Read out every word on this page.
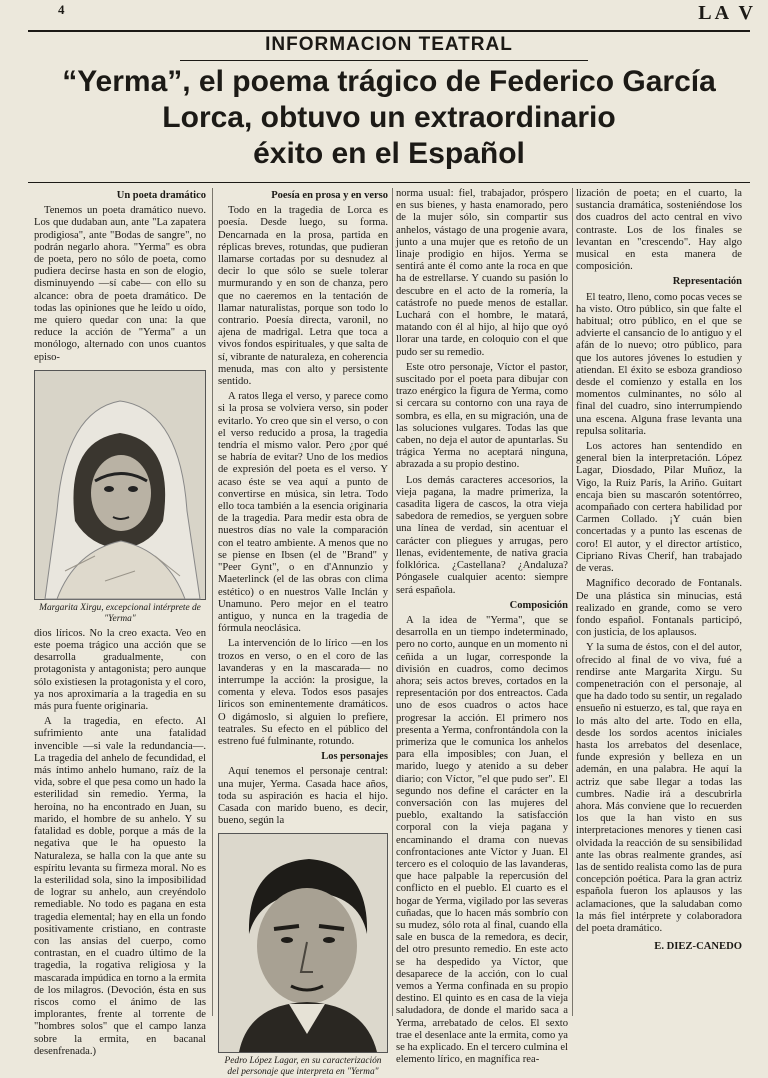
4	LA V
INFORMACION TEATRAL
“Yerma”, el poema trágico de Federico García
Lorca, obtuvo un extraordinario
éxito en el Español

Un poeta dramático

Tenemos un poeta dramático nuevo. Los que dudaban aun, ante "La zapatera prodigiosa", ante "Bodas de sangre", no podrán negarlo ahora. "Yerma" es obra de poeta, pero no sólo de poeta, como pudiera decirse hasta en son de elogio, disminuyendo —sí cabe— con ello su alcance: obra de poeta dramático. De todas las opiniones que he leído u oído, me quiero quedar con una: la que reduce la acción de "Yerma" a un monólogo, alternado con unos cuantos episo-

Margarita Xirgu, excepcional intérprete de "Yerma"

dios líricos. No la creo exacta. Veo en este poema trágico una acción que se desarrolla gradualmente, con protagonista y antagonista; pero aunque sólo existiesen la protagonista y el coro, ya nos aproximaría a la tragedia en su más pura fuente originaria.

A la tragedia, en efecto. Al sufrimiento ante una fatalidad invencible —si vale la redundancia—. La tragedia del anhelo de fecundidad, el más íntimo anhelo humano, raíz de la vida, sobre el que pesa como un hado la esterilidad sin remedio. Yerma, la heroína, no ha encontrado en Juan, su marido, el hombre de su anhelo. Y su fatalidad es doble, porque a más de la negativa que le ha opuesto la Naturaleza, se halla con la que ante su espíritu levanta su firmeza moral. No es la esterilidad sola, sino la imposibilidad de lograr su anhelo, aun creyéndolo remediable. No todo es pagana en esta tragedia elemental; hay en ella un fondo positivamente cristiano, en contraste con las ansias del cuerpo, como contrastan, en el cuadro último de la tragedia, la rogativa religiosa y la mascarada impúdica en torno a la ermita de los milagros. (Devoción, ésta en sus riscos como el ánimo de las implorantes, frente al torrente de "hombres solos" que el campo lanza sobre la ermita, en bacanal desenfrenada.)

Poesía en prosa y en verso

Todo en la tragedia de Lorca es poesía. Desde luego, su forma. Dencarnada en la prosa, partida en réplicas breves, rotundas, que pudieran llamarse cortadas por su desnudez al decir lo que sólo se suele tolerar murmurando y en son de chanza, pero que no caeremos en la tentación de llamar naturalistas, porque son todo lo contrario. Poesía directa, varonil, no ajena de madrigal. Letra que toca a vivos fondos espirituales, y que salta de sí, vibrante de naturaleza, en coherencia menuda, mas con alto y persistente sentido.

A ratos llega el verso, y parece como si la prosa se volviera verso, sin poder evitarlo. Yo creo que sin el verso, o con el verso reducido a prosa, la tragedia tendría el mismo valor. Pero ¿por qué se habría de evitar? Uno de los medios de expresión del poeta es el verso. Y acaso éste se vea aquí a punto de convertirse en música, sin letra. Todo ello toca también a la esencia originaria de la tragedia. Para medir esta obra de nuestros días no vale la comparación con el teatro ambiente. A menos que no se piense en Ibsen (el de "Brand" y "Peer Gynt", o en d'Annunzio y Maeterlinck (el de las obras con clima estético) o en nuestros Valle Inclán y Unamuno. Pero mejor en el teatro antiguo, y nunca en la tragedia de fórmula neoclásica.

La intervención de lo lírico —en los trozos en verso, o en el coro de las lavanderas y en la mascarada— no interrumpe la acción: la prosigue, la comenta y eleva. Todos esos pasajes líricos son eminentemente dramáticos. O digámoslo, si alguien lo prefiere, teatrales. Su efecto en el público del estreno fué fulminante, rotundo.

Los personajes

Aquí tenemos el personaje central: una mujer, Yerma. Casada hace años, toda su aspiración es hacia el hijo. Casada con marido bueno, es decir, bueno, según la

Pedro López Lagar, en su caracterización del personaje que interpreta en "Yerma"

norma usual: fiel, trabajador, próspero en sus bienes, y hasta enamorado, pero de la mujer sólo, sin compartir sus anhelos, vástago de una progenie avara, junto a una mujer que es retoño de un linaje prodigio en hijos. Yerma se sentirá ante él como ante la roca en que ha de estrellarse. Y cuando su pasión lo descubre en el acto de la romería, la catástrofe no puede menos de estallar. Luchará con el hombre, le matará, matando con él al hijo, al hijo que oyó llorar una tarde, en coloquio con el que pudo ser su remedio.

Este otro personaje, Víctor el pastor, suscitado por el poeta para dibujar con trazo enérgico la figura de Yerma, como si cercara su contorno con una raya de sombra, es ella, en su migración, una de las soluciones vulgares. Todas las que caben, no deja el autor de apuntarlas. Su trágica Yerma no aceptará ninguna, abrazada a su propio destino.

Los demás caracteres accesorios, la vieja pagana, la madre primeriza, la casadita ligera de cascos, la otra vieja sabedora de remedios, se yerguen sobre una línea de verdad, sin acentuar el carácter con pliegues y arrugas, pero llenas, evidentemente, de nativa gracia folklórica. ¿Castellana? ¿Andaluza? Póngasele cualquier acento: siempre será española.

Composición

A la idea de "Yerma", que se desarrolla en un tiempo indeterminado, pero no corto, aunque en un momento ni ceñida a un lugar, corresponde la división en cuadros, como decimos ahora; seis actos breves, cortados en la representación por dos entreactos. Cada uno de esos cuadros o actos hace progresar la acción. El primero nos presenta a Yerma, confrontándola con la primeriza que le comunica los anhelos para ella imposibles; con Juan, el marido, luego y atenido a su deber diario; con Víctor, "el que pudo ser". El segundo nos define el carácter en la conversación con las mujeres del pueblo, exaltando la satisfacción corporal con la vieja pagana y encaminando el drama con nuevas confrontaciones ante Víctor y Juan. El tercero es el coloquio de las lavanderas, que hace palpable la repercusión del conflicto en el pueblo. El cuarto es el hogar de Yerma, vigilado por las severas cuñadas, que lo hacen más sombrío con su mudez, sólo rota al final, cuando ella sale en busca de la remedora, es decir, del otro presunto remedio. En este acto se ha despedido ya Víctor, que desaparece de la acción, con lo cual vemos a Yerma confinada en su propio destino. El quinto es en casa de la vieja saludadora, de donde el marido saca a Yerma, arrebatado de celos. El sexto trae el desenlace ante la ermita, como ya se ha explicado. En el tercero culmina el elemento lírico, en magnífica rea-

lización de poeta; en el cuarto, la sustancia dramática, sosteniéndose los dos cuadros del acto central en vivo contraste. Los de los finales se levantan en "crescendo". Hay algo musical en esta manera de composición.

Representación

El teatro, lleno, como pocas veces se ha visto. Otro público, sin que falte el habitual; otro público, en el que se advierte el cansancio de lo antiguo y el afán de lo nuevo; otro público, para que los autores jóvenes lo estudien y atiendan. El éxito se esboza grandioso desde el comienzo y estalla en los momentos culminantes, no sólo al final del cuadro, sino interrumpiendo una escena. Alguna frase levanta una repulsa solitaria.

Los actores han sentendido en general bien la interpretación. López Lagar, Diosdado, Pilar Muñoz, la Vigo, la Ruiz París, la Ariño. Guitart encaja bien su mascarón sotentórreo, acompañado con certera habilidad por Carmen Collado. ¡Y cuán bien concertadas y a punto las escenas de coro! El autor, y el director artístico, Cipriano Rivas Cherif, han trabajado de veras.

Magnífico decorado de Fontanals. De una plástica sin minucias, está realizado en grande, como se vero fondo español. Fontanals participó, con justicia, de los aplausos.

Y la suma de éstos, con el del autor, ofrecido al final de vo viva, fué a rendirse ante Margarita Xirgu. Su compenetración con el personaje, al que ha dado todo su sentir, un regalado ensueño ni estuerzo, es tal, que raya en lo más alto del arte. Todo en ella, desde los sordos acentos iniciales hasta los arrebatos del desenlace, funde expresión y belleza en un ademán, en una palabra. He aquí la actriz que sabe llegar a todas las cumbres. Nadie irá a descubrirla ahora. Más conviene que lo recuerden los que la han visto en sus interpretaciones menores y tienen casi olvidada la reacción de su sensibilidad ante las obras realmente grandes, así las de sentido realista como las de pura concepción poética. Para la gran actriz española fueron los aplausos y las aclamaciones, que la saludaban como la más fiel intérprete y colaboradora del poeta dramático.

E. DIEZ-CANEDO
